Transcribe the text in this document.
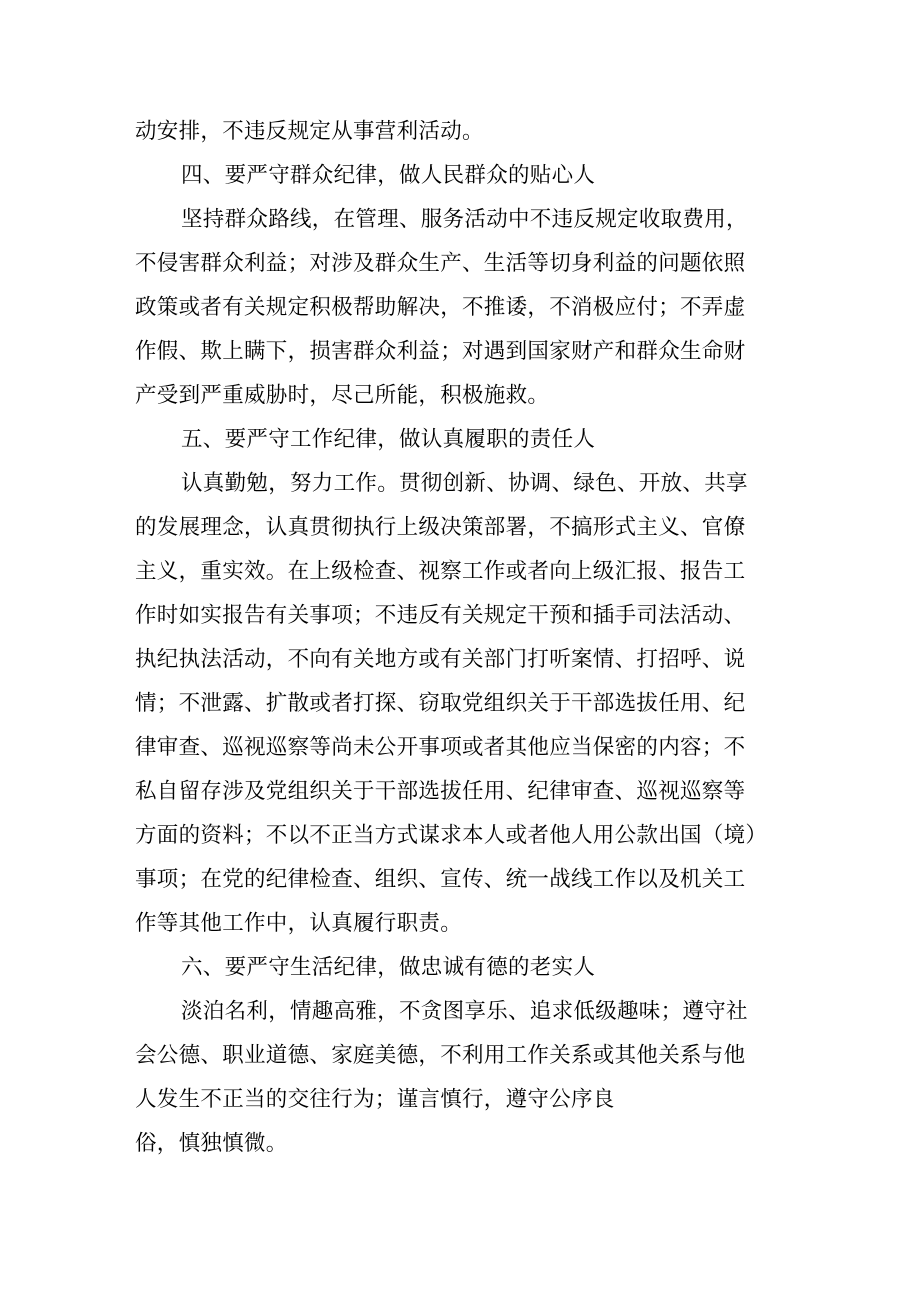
动安排，不违反规定从事营利活动。
四、要严守群众纪律，做人民群众的贴心人
坚持群众路线，在管理、服务活动中不违反规定收取费用，
不侵害群众利益；对涉及群众生产、生活等切身利益的问题依照
政策或者有关规定积极帮助解决，不推诿，不消极应付；不弄虚
作假、欺上瞒下，损害群众利益；对遇到国家财产和群众生命财
产受到严重威胁时，尽己所能，积极施救。
五、要严守工作纪律，做认真履职的责任人
认真勤勉，努力工作。贯彻创新、协调、绿色、开放、共享
的发展理念，认真贯彻执行上级决策部署，不搞形式主义、官僚
主义，重实效。在上级检查、视察工作或者向上级汇报、报告工
作时如实报告有关事项；不违反有关规定干预和插手司法活动、
执纪执法活动，不向有关地方或有关部门打听案情、打招呼、说
情；不泄露、扩散或者打探、窃取党组织关于干部选拔任用、纪
律审查、巡视巡察等尚未公开事项或者其他应当保密的内容；不
私自留存涉及党组织关于干部选拔任用、纪律审查、巡视巡察等
方面的资料；不以不正当方式谋求本人或者他人用公款出国（境）
事项；在党的纪律检查、组织、宣传、统一战线工作以及机关工
作等其他工作中，认真履行职责。
六、要严守生活纪律，做忠诚有德的老实人
淡泊名利，情趣高雅，不贪图享乐、追求低级趣味；遵守社
会公德、职业道德、家庭美德，不利用工作关系或其他关系与他
人发生不正当的交往行为；谨言慎行，遵守公序良
俗，慎独慎微。
